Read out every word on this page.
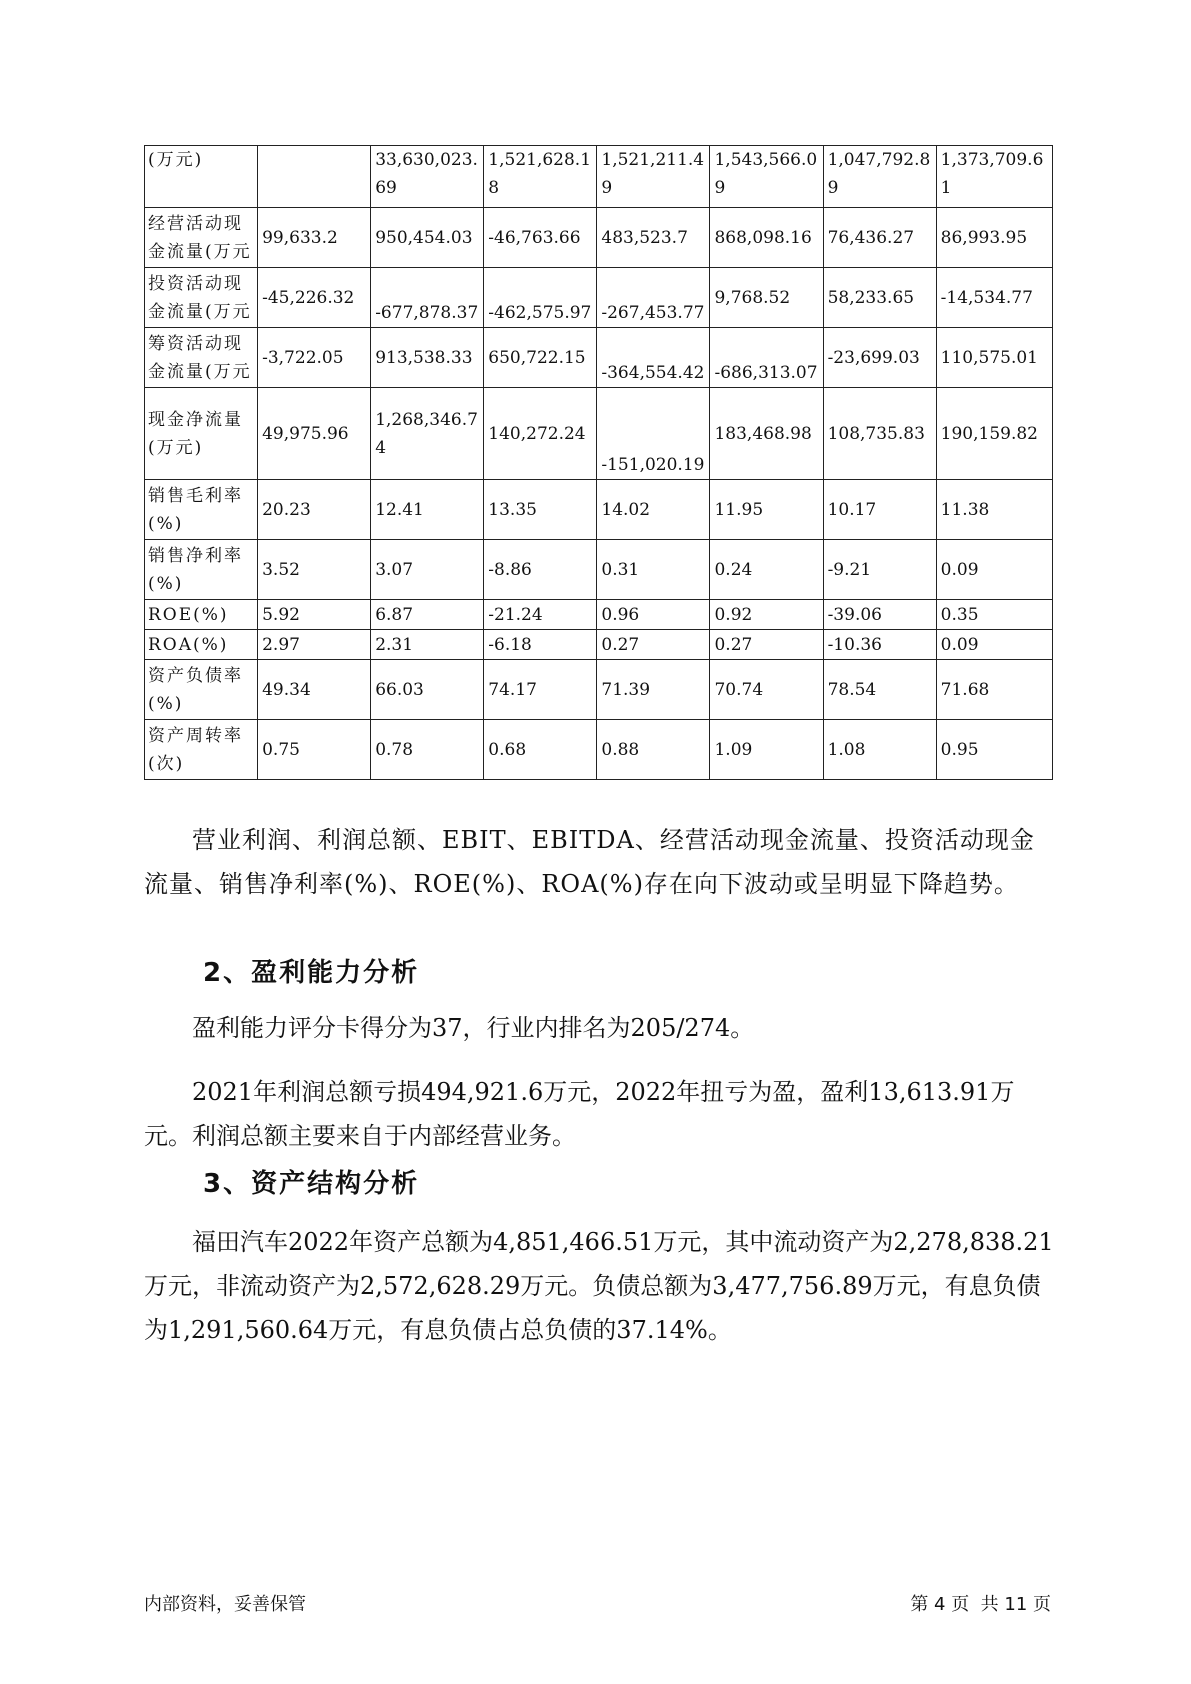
(万元)		33,630,023.69	1,521,628.18	1,521,211.49	1,543,566.09	1,047,792.89	1,373,709.61
经营活动现金流量(万元	99,633.2	950,454.03	-46,763.66	483,523.7	868,098.16	76,436.27	86,993.95
投资活动现金流量(万元	-45,226.32	-677,878.37	-462,575.97	-267,453.77	9,768.52	58,233.65	-14,534.77
筹资活动现金流量(万元	-3,722.05	913,538.33	650,722.15	-364,554.42	-686,313.07	-23,699.03	110,575.01
现金净流量(万元)	49,975.96	1,268,346.74	140,272.24	-151,020.19	183,468.98	108,735.83	190,159.82
销售毛利率(%)	20.23	12.41	13.35	14.02	11.95	10.17	11.38
销售净利率(%)	3.52	3.07	-8.86	0.31	0.24	-9.21	0.09
ROE(%)	5.92	6.87	-21.24	0.96	0.92	-39.06	0.35
ROA(%)	2.97	2.31	-6.18	0.27	0.27	-10.36	0.09
资产负债率(%)	49.34	66.03	74.17	71.39	70.74	78.54	71.68
资产周转率(次)	0.75	0.78	0.68	0.88	1.09	1.08	0.95
营业利润、利润总额、EBIT、EBITDA、经营活动现金流量、投资活动现金流量、销售净利率(%)、ROE(%)、ROA(%)存在向下波动或呈明显下降趋势。
2、盈利能力分析
盈利能力评分卡得分为37，行业内排名为205/274。
2021年利润总额亏损494,921.6万元，2022年扭亏为盈，盈利13,613.91万元。利润总额主要来自于内部经营业务。
3、资产结构分析
福田汽车2022年资产总额为4,851,466.51万元，其中流动资产为2,278,838.21万元，非流动资产为2,572,628.29万元。负债总额为3,477,756.89万元，有息负债为1,291,560.64万元，有息负债占总负债的37.14%。
内部资料，妥善保管	第 4 页  共 11 页
